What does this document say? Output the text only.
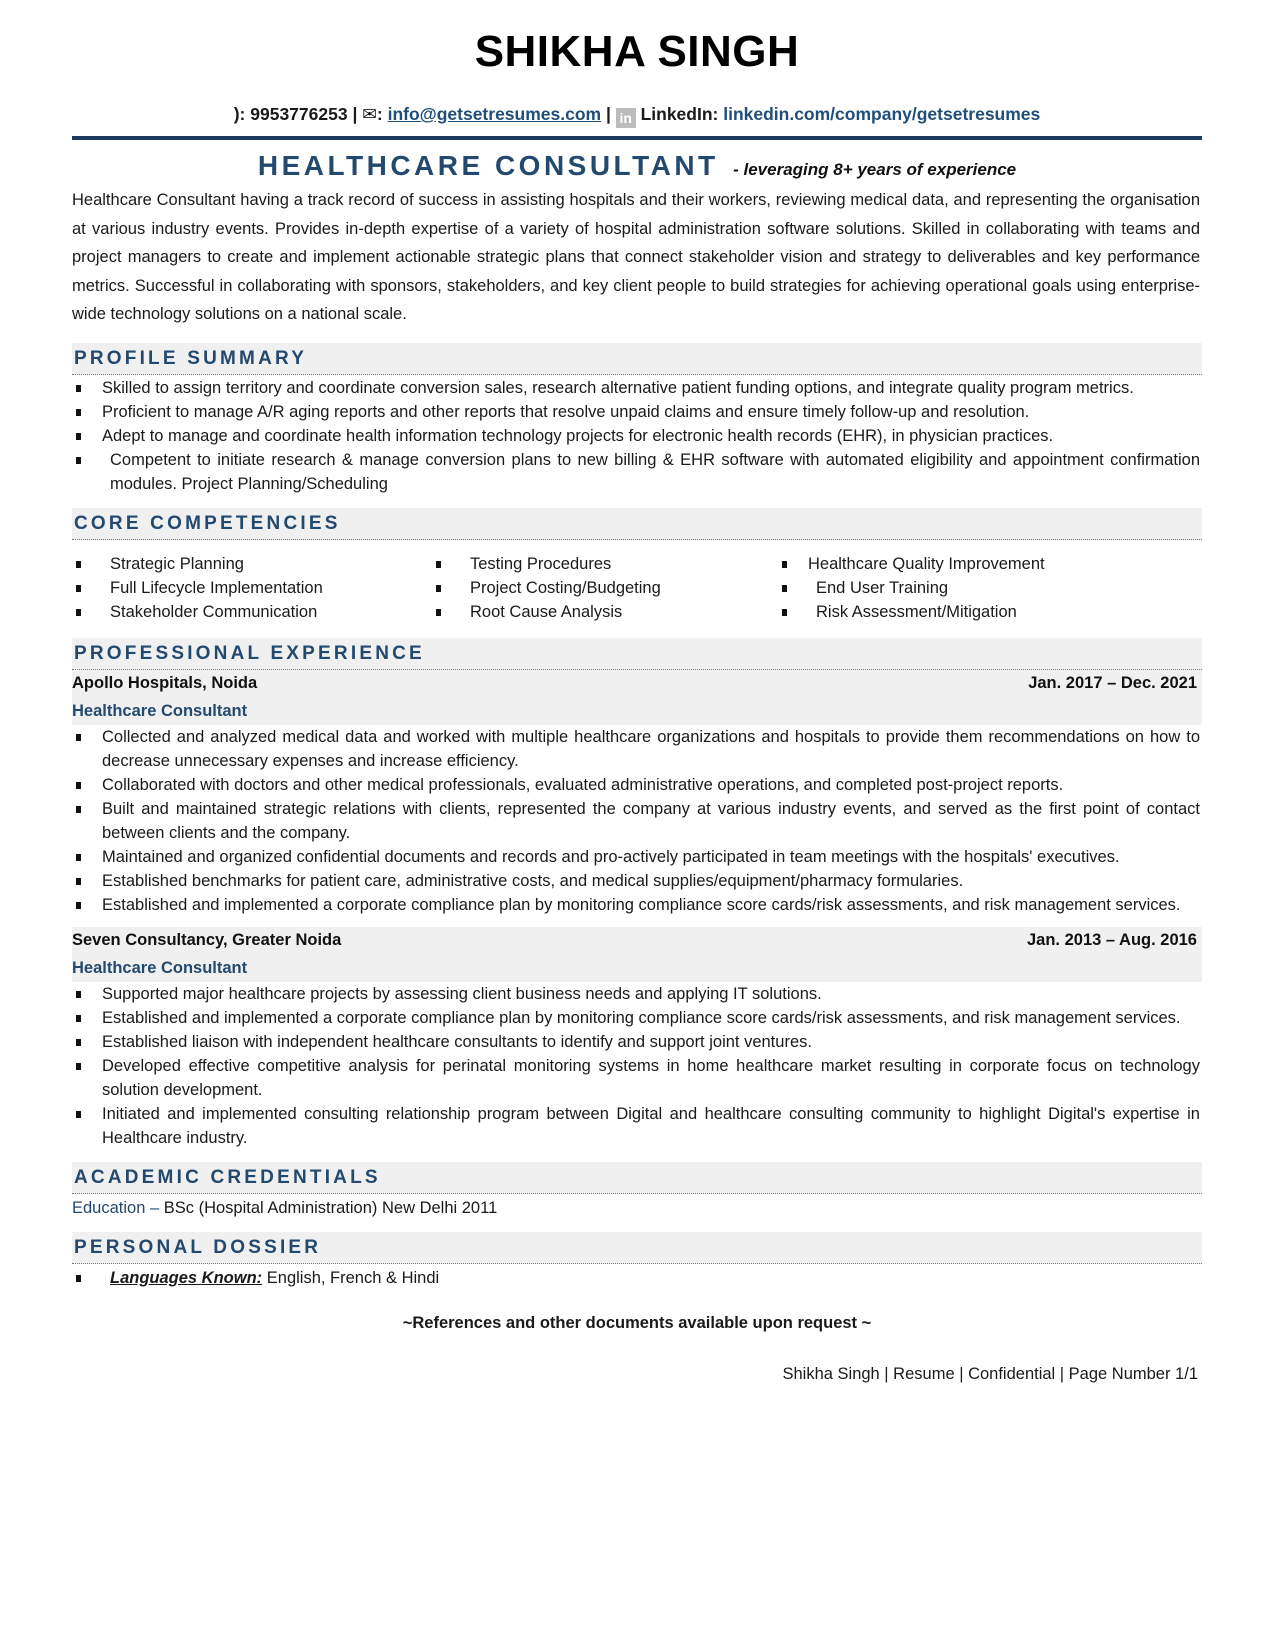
SHIKHA SINGH
): 9953776253 | ✉: info@getsetresumes.com | in LinkedIn: linkedin.com/company/getsetresumes
HEALTHCARE CONSULTANT - leveraging 8+ years of experience

Healthcare Consultant having a track record of success in assisting hospitals and their workers, reviewing medical data, and representing the organisation at various industry events. Provides in-depth expertise of a variety of hospital administration software solutions. Skilled in collaborating with teams and project managers to create and implement actionable strategic plans that connect stakeholder vision and strategy to deliverables and key performance metrics. Successful in collaborating with sponsors, stakeholders, and key client people to build strategies for achieving operational goals using enterprise-wide technology solutions on a national scale.

PROFILE SUMMARY
Skilled to assign territory and coordinate conversion sales, research alternative patient funding options, and integrate quality program metrics.
Proficient to manage A/R aging reports and other reports that resolve unpaid claims and ensure timely follow-up and resolution.
Adept to manage and coordinate health information technology projects for electronic health records (EHR), in physician practices.
Competent to initiate research & manage conversion plans to new billing & EHR software with automated eligibility and appointment confirmation modules. Project Planning/Scheduling
CORE COMPETENCIES
Strategic Planning
Full Lifecycle Implementation
Stakeholder Communication
Testing Procedures
Project Costing/Budgeting
Root Cause Analysis
Healthcare Quality Improvement
End User Training
Risk Assessment/Mitigation
PROFESSIONAL EXPERIENCE
Apollo Hospitals, Noida	Jan. 2017 – Dec. 2021
Healthcare Consultant
Collected and analyzed medical data and worked with multiple healthcare organizations and hospitals to provide them recommendations on how to decrease unnecessary expenses and increase efficiency.
Collaborated with doctors and other medical professionals, evaluated administrative operations, and completed post-project reports.
Built and maintained strategic relations with clients, represented the company at various industry events, and served as the first point of contact between clients and the company.
Maintained and organized confidential documents and records and pro-actively participated in team meetings with the hospitals' executives.
Established benchmarks for patient care, administrative costs, and medical supplies/equipment/pharmacy formularies.
Established and implemented a corporate compliance plan by monitoring compliance score cards/risk assessments, and risk management services.
Seven Consultancy, Greater Noida	Jan. 2013 – Aug. 2016
Healthcare Consultant
Supported major healthcare projects by assessing client business needs and applying IT solutions.
Established and implemented a corporate compliance plan by monitoring compliance score cards/risk assessments, and risk management services.
Established liaison with independent healthcare consultants to identify and support joint ventures.
Developed effective competitive analysis for perinatal monitoring systems in home healthcare market resulting in corporate focus on technology solution development.
Initiated and implemented consulting relationship program between Digital and healthcare consulting community to highlight Digital's expertise in Healthcare industry.
ACADEMIC CREDENTIALS
Education – BSc (Hospital Administration) New Delhi 2011
PERSONAL DOSSIER
Languages Known: English, French & Hindi
~References and other documents available upon request ~
Shikha Singh | Resume | Confidential | Page Number 1/1
